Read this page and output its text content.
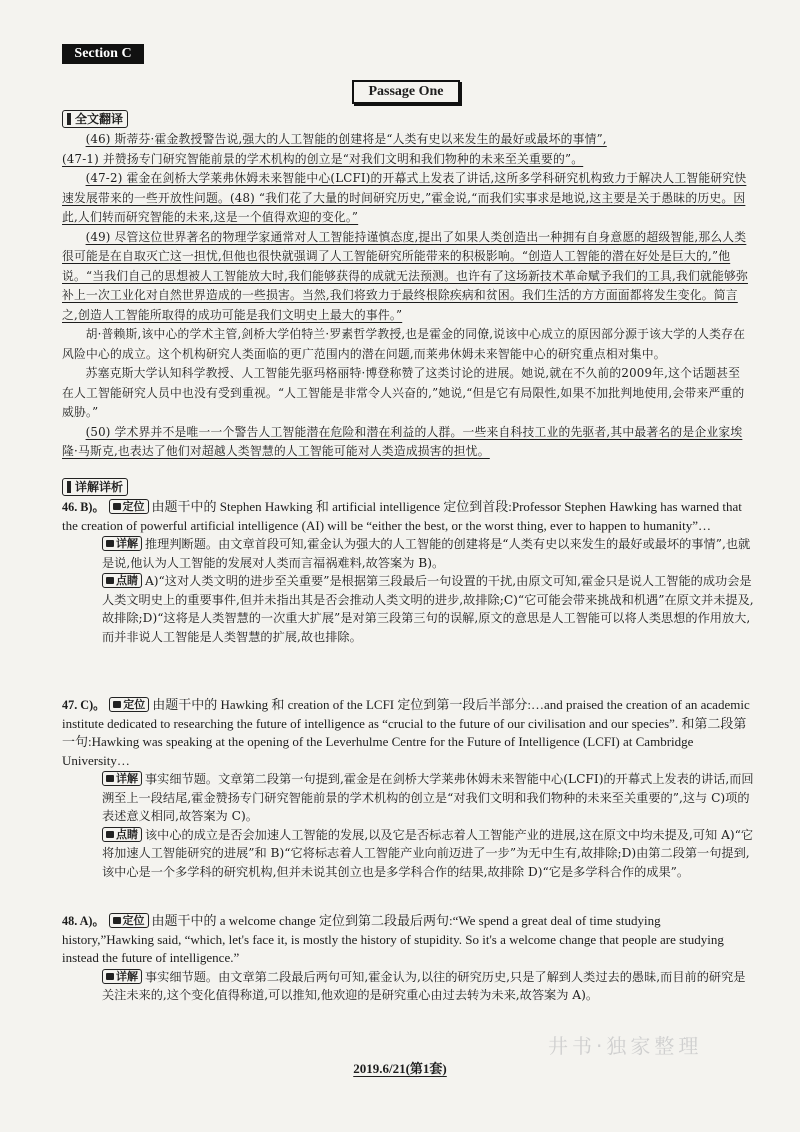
Section C
Passage One
全文翻译

(46) 斯蒂芬·霍金教授警告说,强大的人工智能的创建将是“人类有史以来发生的最好或最坏的事情”,

(47-1) 并赞扬专门研究智能前景的学术机构的创立是“对我们文明和我们物种的未来至关重要的”。

(47-2) 霍金在剑桥大学莱弗休姆未来智能中心(LCFI)的开幕式上发表了讲话,这所多学科研究机构致力于解决人工智能研究快速发展带来的一些开放性问题。(48) “我们花了大量的时间研究历史,”霍金说,“而我们实事求是地说,这主要是关于愚昧的历史。因此,人们转而研究智能的未来,这是一个值得欢迎的变化。”

(49) 尽管这位世界著名的物理学家通常对人工智能持谨慎态度,提出了如果人类创造出一种拥有自身意愿的超级智能,那么人类很可能是在自取灭亡这一担忧,但他也很快就强调了人工智能研究所能带来的积极影响。“创造人工智能的潜在好处是巨大的,”他说。“当我们自己的思想被人工智能放大时,我们能够获得的成就无法预测。也许有了这场新技术革命赋予我们的工具,我们就能够弥补上一次工业化对自然世界造成的一些损害。当然,我们将致力于最终根除疾病和贫困。我们生活的方方面面都将发生变化。简言之,创造人工智能所取得的成功可能是我们文明史上最大的事件。”

胡·普赖斯,该中心的学术主管,剑桥大学伯特兰·罗素哲学教授,也是霍金的同僚,说该中心成立的原因部分源于该大学的人类存在风险中心的成立。这个机构研究人类面临的更广范围内的潜在问题,而莱弗休姆未来智能中心的研究重点相对集中。

苏塞克斯大学认知科学教授、人工智能先驱玛格丽特·博登称赞了这类讨论的进展。她说,就在不久前的2009年,这个话题甚至在人工智能研究人员中也没有受到重视。“人工智能是非常令人兴奋的,”她说,“但是它有局限性,如果不加批判地使用,会带来严重的威胁。”

(50) 学术界并不是唯一一个警告人工智能潜在危险和潜在利益的人群。一些来自科技工业的先驱者,其中最著名的是企业家埃隆·马斯克,也表达了他们对超越人类智慧的人工智能可能对人类造成损害的担忧。

详解详析
46. B)。 定位 由题干中的 Stephen Hawking 和 artificial intelligence 定位到首段:Professor Stephen Hawking has warned that the creation of powerful artificial intelligence (AI) will be “either the best, or the worst thing, ever to happen to humanity”…
详解 推理判断题。由文章首段可知,霍金认为强大的人工智能的创建将是“人类有史以来发生的最好或最坏的事情”,也就是说,他认为人工智能的发展对人类而言福祸难料,故答案为 B)。
点睛 A)“这对人类文明的进步至关重要”是根据第三段最后一句设置的干扰,由原文可知,霍金只是说人工智能的成功会是人类文明史上的重要事件,但并未指出其是否会推动人类文明的进步,故排除;C)“它可能会带来挑战和机遇”在原文并未提及,故排除;D)“这将是人类智慧的一次重大扩展”是对第三段第三句的误解,原文的意思是人工智能可以将人类思想的作用放大,而并非说人工智能是人类智慧的扩展,故也排除。
47. C)。 定位 由题干中的 Hawking 和 creation of the LCFI 定位到第一段后半部分:…and praised the creation of an academic institute dedicated to researching the future of intelligence as “crucial to the future of our civilisation and our species”. 和第二段第一句:Hawking was speaking at the opening of the Leverhulme Centre for the Future of Intelligence (LCFI) at Cambridge University…
详解 事实细节题。文章第二段第一句提到,霍金是在剑桥大学莱弗休姆未来智能中心(LCFI)的开幕式上发表的讲话,而回溯至上一段结尾,霍金赞扬专门研究智能前景的学术机构的创立是“对我们文明和我们物种的未来至关重要的”,这与 C)项的表述意义相同,故答案为 C)。
点睛 该中心的成立是否会加速人工智能的发展,以及它是否标志着人工智能产业的进展,这在原文中均未提及,可知 A)“它将加速人工智能研究的进展”和 B)“它将标志着人工智能产业向前迈进了一步”为无中生有,故排除;D)由第二段第一句提到,该中心是一个多学科的研究机构,但并未说其创立也是多学科合作的结果,故排除 D)“它是多学科合作的成果”。
48. A)。 定位 由题干中的 a welcome change 定位到第二段最后两句:“We spend a great deal of time studying history,”Hawking said, “which, let's face it, is mostly the history of stupidity. So it's a welcome change that people are studying instead the future of intelligence.”
详解 事实细节题。由文章第二段最后两句可知,霍金认为,以往的研究历史,只是了解到人类过去的愚昧,而目前的研究是关注未来的,这个变化值得称道,可以推知,他欢迎的是研究重心由过去转为未来,故答案为 A)。
井书·独家整理
2019.6/21(第1套)
